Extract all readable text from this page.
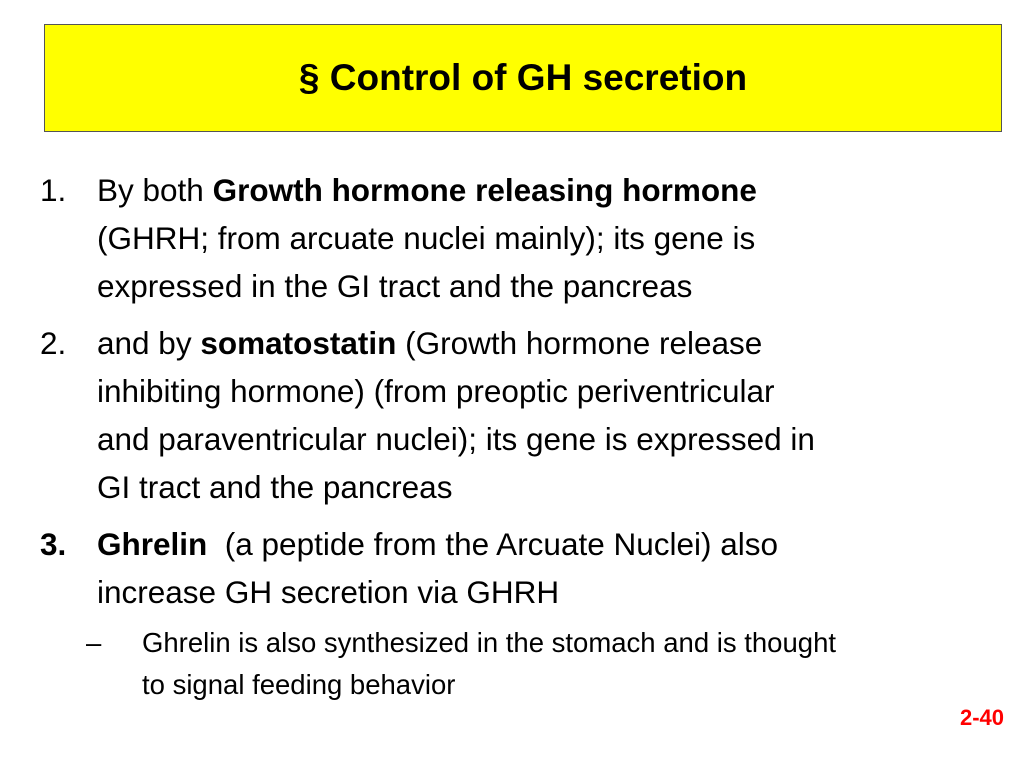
§ Control of GH secretion
1. By both Growth hormone releasing hormone
(GHRH; from arcuate nuclei mainly); its gene is
expressed in the GI tract and the pancreas
2. and by somatostatin (Growth hormone release
inhibiting hormone) (from preoptic periventricular
and paraventricular nuclei); its gene is expressed in
GI tract and the pancreas
3. Ghrelin  (a peptide from the Arcuate Nuclei) also
increase GH secretion via GHRH
– Ghrelin is also synthesized in the stomach and is thought
to signal feeding behavior
2-40
